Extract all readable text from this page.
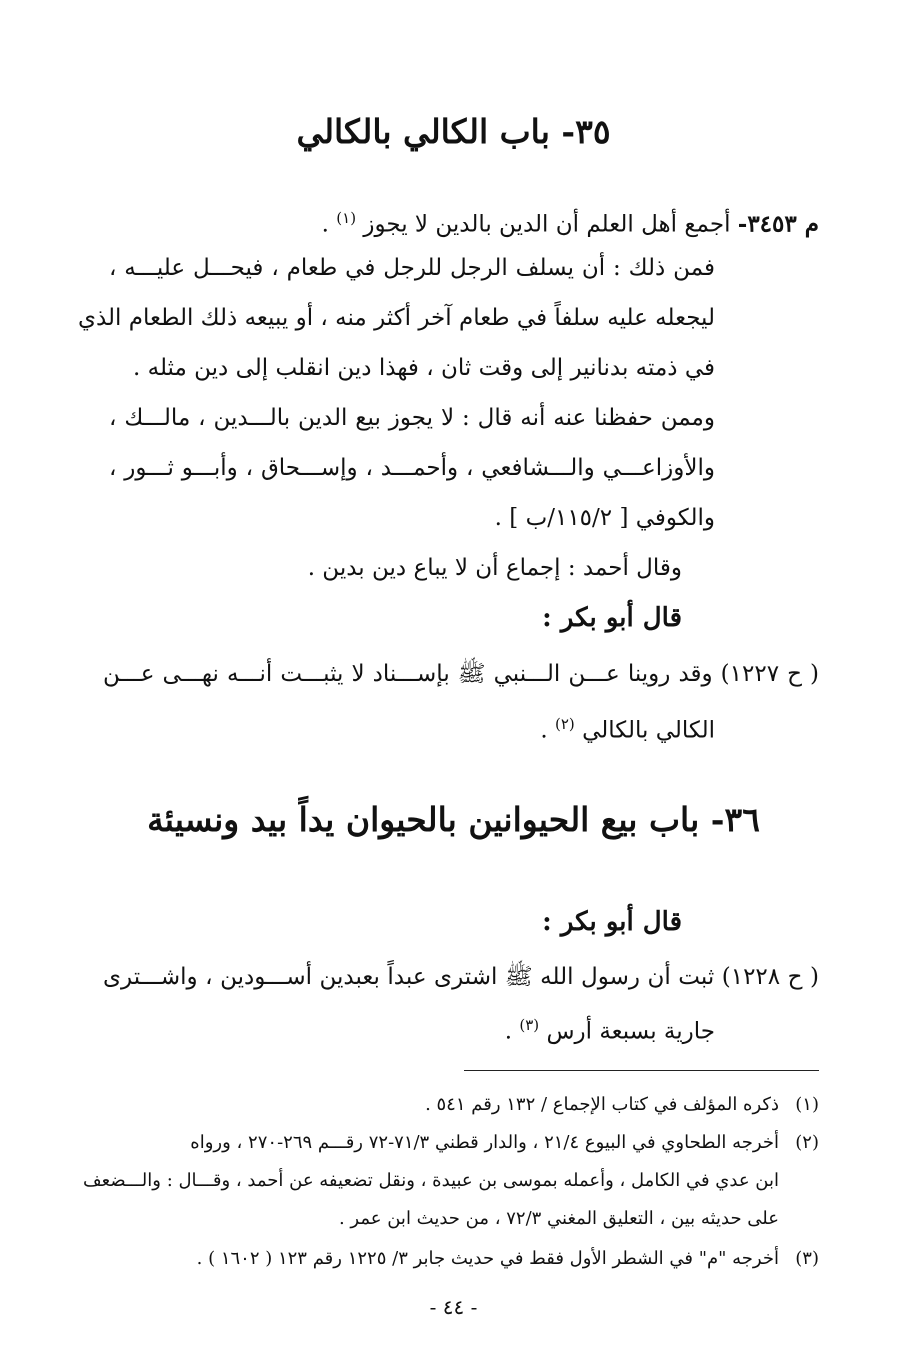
٣٥- باب الكالي بالكالي
م ٣٤٥٣- أجمع أهل العلم أن الدين بالدين لا يجوز $^{(١)}$ .
فمن ذلك : أن يسلف الرجل للرجل في طعام ، فيحـــل عليـــه ،
ليجعله عليه سلفاً في طعام آخر أكثر منه ، أو يبيعه ذلك الطعام الذي
في ذمته بدنانير إلى وقت ثان ، فهذا دين انقلب إلى دين مثله .
وممن حفظنا عنه أنه قال : لا يجوز بيع الدين بالـــدين ، مالـــك ،
والأوزاعـــي والـــشافعي ، وأحمـــد ، وإســـحاق ، وأبـــو ثـــور ،
والكوفي [ ١١٥/٢/ب ] .
وقال أحمد : إجماع أن لا يباع دين بدين .
قال أبو بكر :
( ح ١٢٢٧) وقد روينا عـــن الـــنبي ﷺ بإســـناد لا يثبـــت أنـــه نهـــى عـــن
الكالي بالكالي $^{(٢)}$ .
٣٦- باب بيع الحيوانين بالحيوان يداً بيد ونسيئة
قال أبو بكر :
( ح ١٢٢٨) ثبت أن رسول الله ﷺ اشترى عبداً بعبدين أســـودين ، واشـــترى
جارية بسبعة أرس $^{(٣)}$ .
(١)ذكره المؤلف في كتاب الإجماع / ١٣٢ رقم ٥٤١ .
(٢)أخرجه الطحاوي في البيوع ٢١/٤ ، والدار قطني ٧١/٣-٧٢ رقـــم ٢٦٩-٢٧٠ ، ورواه
ابن عدي في الكامل ، وأعمله بموسى بن عبيدة ، ونقل تضعيفه عن أحمد ، وقـــال : والـــضعف
على حديثه بين ، التعليق المغني ٧٢/٣ ، من حديث ابن عمر .
(٣)أخرجه "م" في الشطر الأول فقط في حديث جابر ٣/ ١٢٢٥ رقم ١٢٣ ( ١٦٠٢ ) .
- ٤٤ -
